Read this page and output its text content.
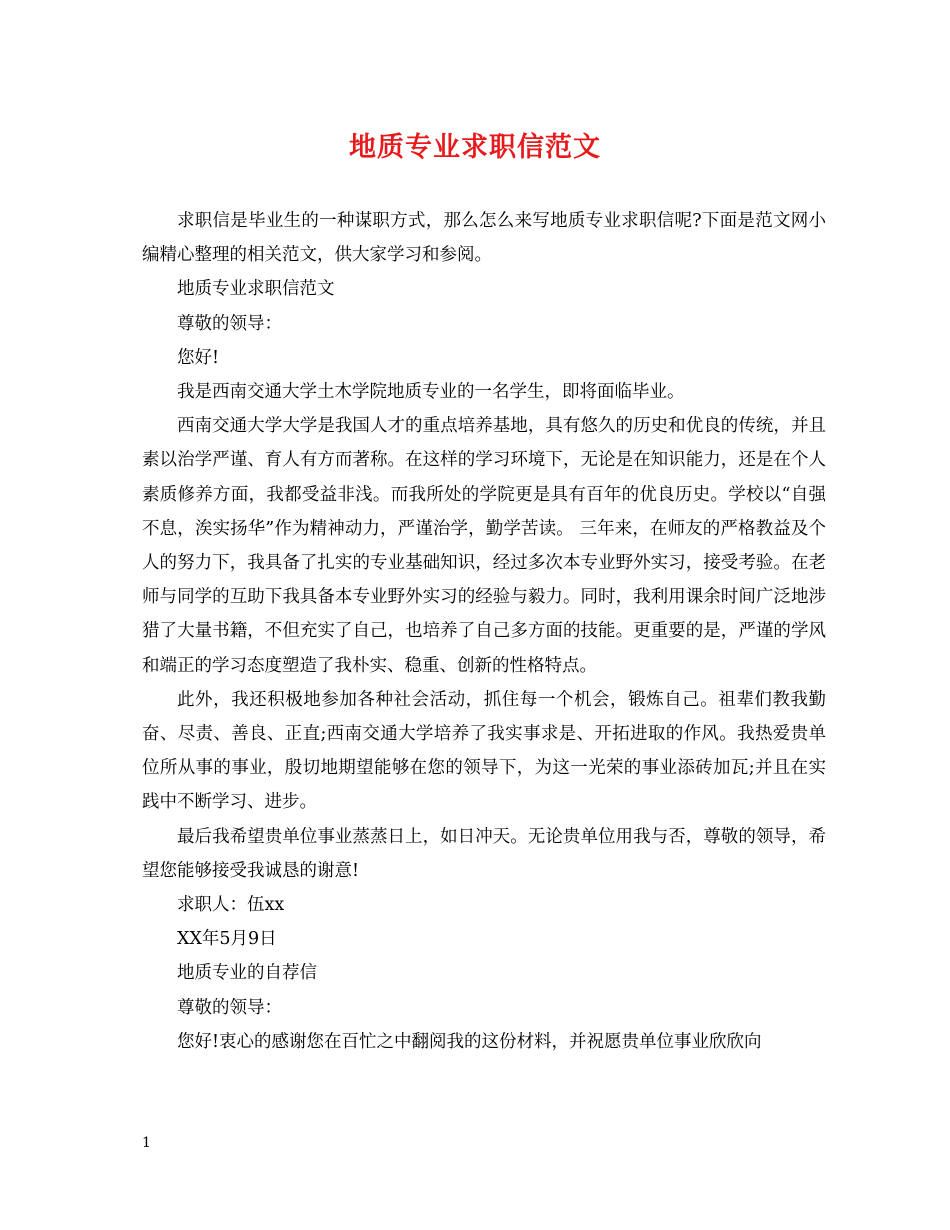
地质专业求职信范文

求职信是毕业生的一种谋职方式，那么怎么来写地质专业求职信呢?下面是范文网小编精心整理的相关范文，供大家学习和参阅。

地质专业求职信范文

尊敬的领导：

您好!

我是西南交通大学土木学院地质专业的一名学生，即将面临毕业。

西南交通大学大学是我国人才的重点培养基地，具有悠久的历史和优良的传统，并且素以治学严谨、育人有方而著称。在这样的学习环境下，无论是在知识能力，还是在个人素质修养方面，我都受益非浅。而我所处的学院更是具有百年的优良历史。学校以“自强不息，涘实扬华”作为精神动力，严谨治学，勤学苦读。 三年来，在师友的严格教益及个人的努力下，我具备了扎实的专业基础知识，经过多次本专业野外实习，接受考验。在老师与同学的互助下我具备本专业野外实习的经验与毅力。同时，我利用课余时间广泛地涉猎了大量书籍，不但充实了自己，也培养了自己多方面的技能。更重要的是，严谨的学风和端正的学习态度塑造了我朴实、稳重、创新的性格特点。

此外，我还积极地参加各种社会活动，抓住每一个机会，锻炼自己。祖辈们教我勤奋、尽责、善良、正直;西南交通大学培养了我实事求是、开拓进取的作风。我热爱贵单位所从事的事业，殷切地期望能够在您的领导下，为这一光荣的事业添砖加瓦;并且在实践中不断学习、进步。

最后我希望贵单位事业蒸蒸日上，如日冲天。无论贵单位用我与否，尊敬的领导，希望您能够接受我诚恳的谢意!

求职人：伍xx

XX年5月9日

地质专业的自荐信

尊敬的领导：

您好!衷心的感谢您在百忙之中翻阅我的这份材料，并祝愿贵单位事业欣欣向

1
